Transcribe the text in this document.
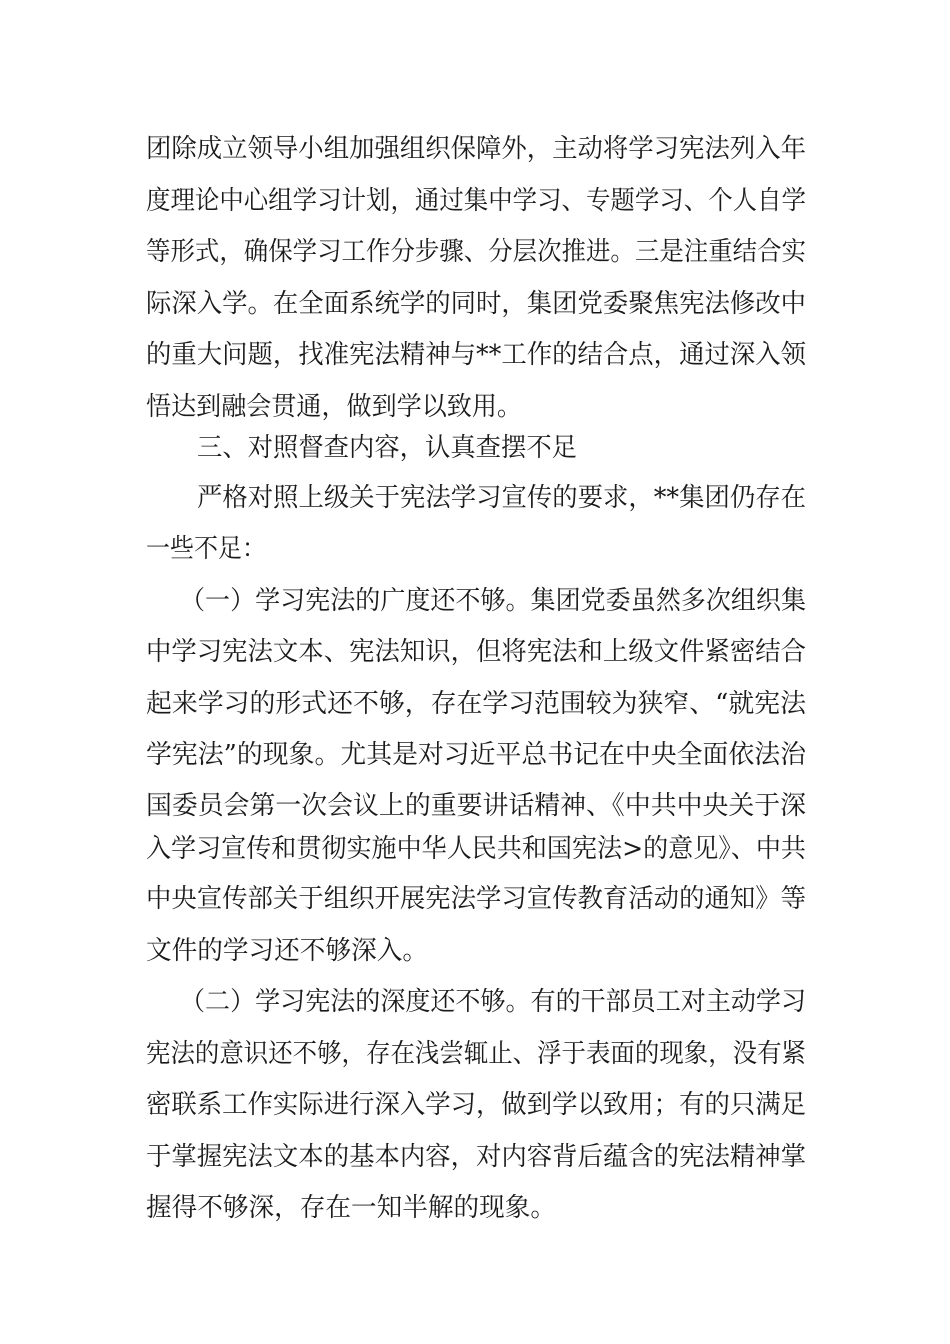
团除成立领导小组加强组织保障外，主动将学习宪法列入年
度理论中心组学习计划，通过集中学习、专题学习、个人自学
等形式，确保学习工作分步骤、分层次推进。三是注重结合实
际深入学。在全面系统学的同时，集团党委聚焦宪法修改中
的重大问题，找准宪法精神与**工作的结合点，通过深入领
悟达到融会贯通，做到学以致用。
三、对照督查内容，认真查摆不足
严格对照上级关于宪法学习宣传的要求，**集团仍存在
一些不足：
（一）学习宪法的广度还不够。集团党委虽然多次组织集
中学习宪法文本、宪法知识，但将宪法和上级文件紧密结合
起来学习的形式还不够，存在学习范围较为狭窄、“就宪法
学宪法”的现象。尤其是对习近平总书记在中央全面依法治
国委员会第一次会议上的重要讲话精神、《中共中央关于深
入学习宣传和贯彻实施中华人民共和国宪法>的意见》、中共
中央宣传部关于组织开展宪法学习宣传教育活动的通知》等
文件的学习还不够深入。
（二）学习宪法的深度还不够。有的干部员工对主动学习
宪法的意识还不够，存在浅尝辄止、浮于表面的现象，没有紧
密联系工作实际进行深入学习，做到学以致用；有的只满足
于掌握宪法文本的基本内容，对内容背后蕴含的宪法精神掌
握得不够深，存在一知半解的现象。
